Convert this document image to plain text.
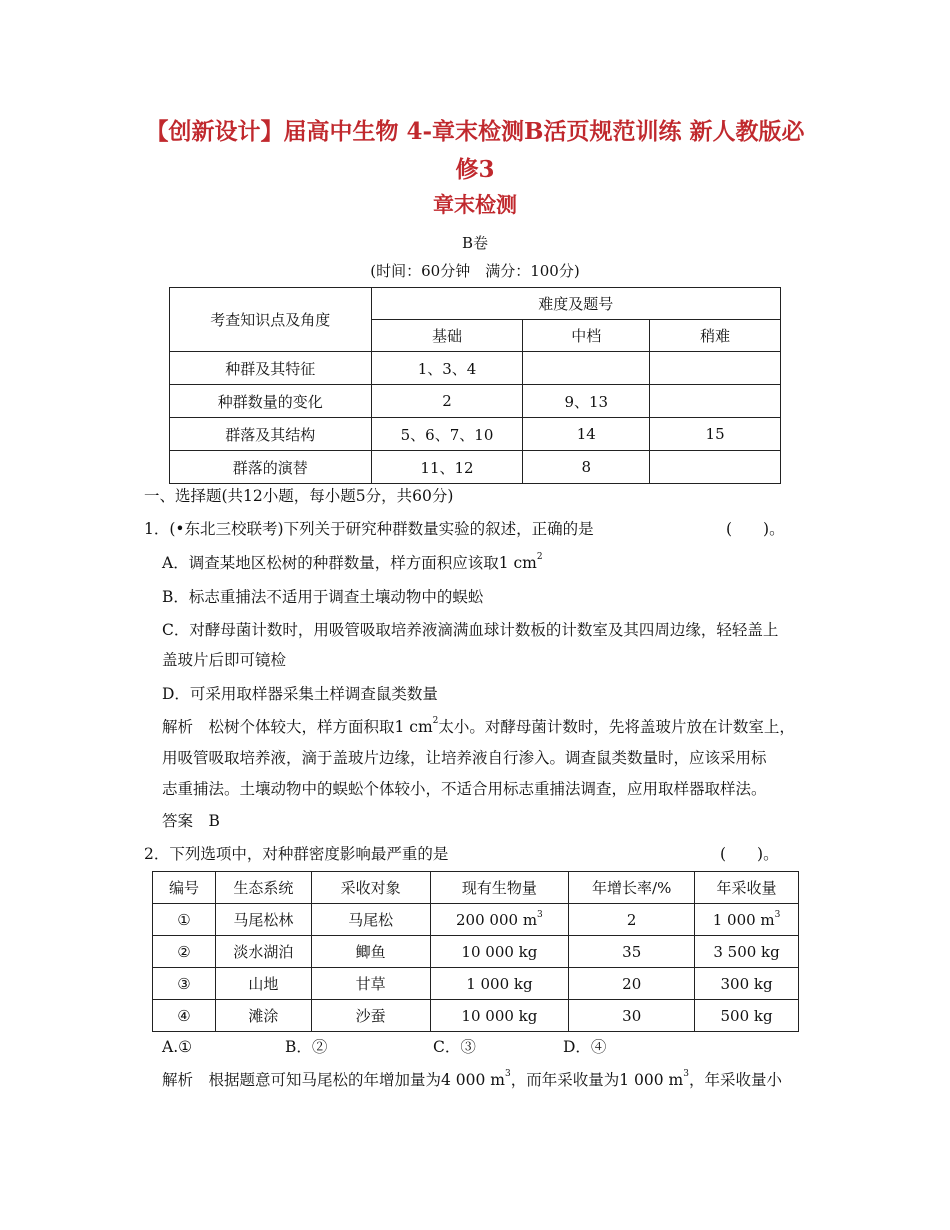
【创新设计】届高中生物 4-章末检测B活页规范训练 新人教版必
修3
章末检测
B卷
(时间：60分钟　满分：100分)
考查知识点及角度	难度及题号		
	基础	中档	稍难
种群及其特征	1、3、4		
种群数量的变化	2	9、13	
群落及其结构	5、6、7、10	14	15
群落的演替	11、12	8	
一、选择题(共12小题，每小题5分，共60分)
1．(•东北三校联考)下列关于研究种群数量实验的叙述，正确的是	(　　)。
A．调查某地区松树的种群数量，样方面积应该取1 $cm^2$
B．标志重捕法不适用于调查土壤动物中的蜈蚣
C．对酵母菌计数时，用吸管吸取培养液滴满血球计数板的计数室及其四周边缘，轻轻盖上
盖玻片后即可镜检
D．可采用取样器采集土样调查鼠类数量
解析　松树个体较大，样方面积取1 $cm^2$太小。对酵母菌计数时，先将盖玻片放在计数室上，
用吸管吸取培养液，滴于盖玻片边缘，让培养液自行渗入。调查鼠类数量时，应该采用标
志重捕法。土壤动物中的蜈蚣个体较小，不适合用标志重捕法调查，应用取样器取样法。
答案　B
2．下列选项中，对种群密度影响最严重的是	(　　)。
编号	生态系统	采收对象	现有生物量	年增长率/%	年采收量
①	马尾松林	马尾松	200 000 $m^3$	2	1 000 $m^3$
②	淡水湖泊	鲫鱼	10 000 kg	35	3 500 kg
③	山地	甘草	1 000 kg	20	300 kg
④	滩涂	沙蚕	10 000 kg	30	500 kg
A.①	B．②	C．③	D．④
解析　根据题意可知马尾松的年增加量为4 000 $m^3$，而年采收量为1 000 $m^3$，年采收量小
